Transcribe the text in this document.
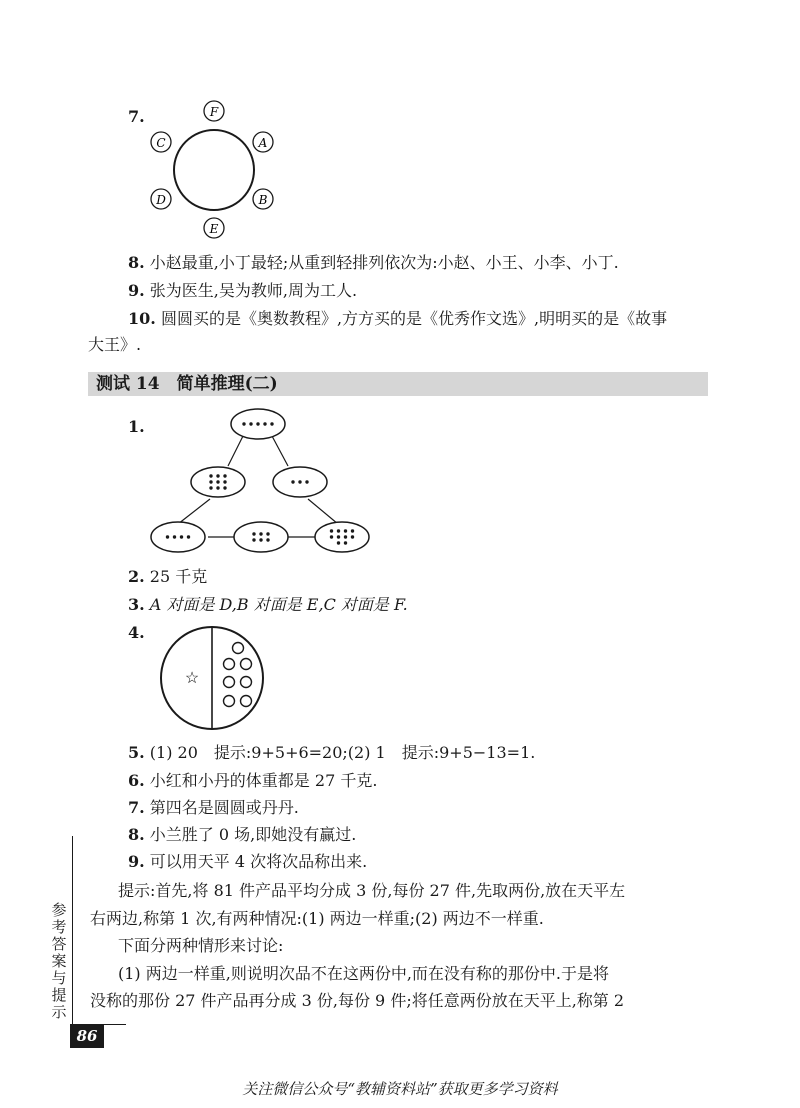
7.	F
A
B
E
D
C
8. 小赵最重,小丁最轻;从重到轻排列依次为:小赵、小王、小李、小丁.
9. 张为医生,吴为教师,周为工人.
10. 圆圆买的是《奥数教程》,方方买的是《优秀作文选》,明明买的是《故事
大王》.
测试 14　简单推理(二)
1.
2. 25 千克
3. A 对面是 D,B 对面是 E,C 对面是 F.
4.
☆
5. (1) 20　提示:9+5+6=20;(2) 1　提示:9+5−13=1.
6. 小红和小丹的体重都是 27 千克.
7. 第四名是圆圆或丹丹.
8. 小兰胜了 0 场,即她没有赢过.
9. 可以用天平 4 次将次品称出来.
提示:首先,将 81 件产品平均分成 3 份,每份 27 件,先取两份,放在天平左
右两边,称第 1 次,有两种情况:(1) 两边一样重;(2) 两边不一样重.
下面分两种情形来讨论:
(1) 两边一样重,则说明次品不在这两份中,而在没有称的那份中.于是将
没称的那份 27 件产品再分成 3 份,每份 9 件;将任意两份放在天平上,称第 2
参考答案与提示
86
关注微信公众号“教辅资料站”获取更多学习资料
